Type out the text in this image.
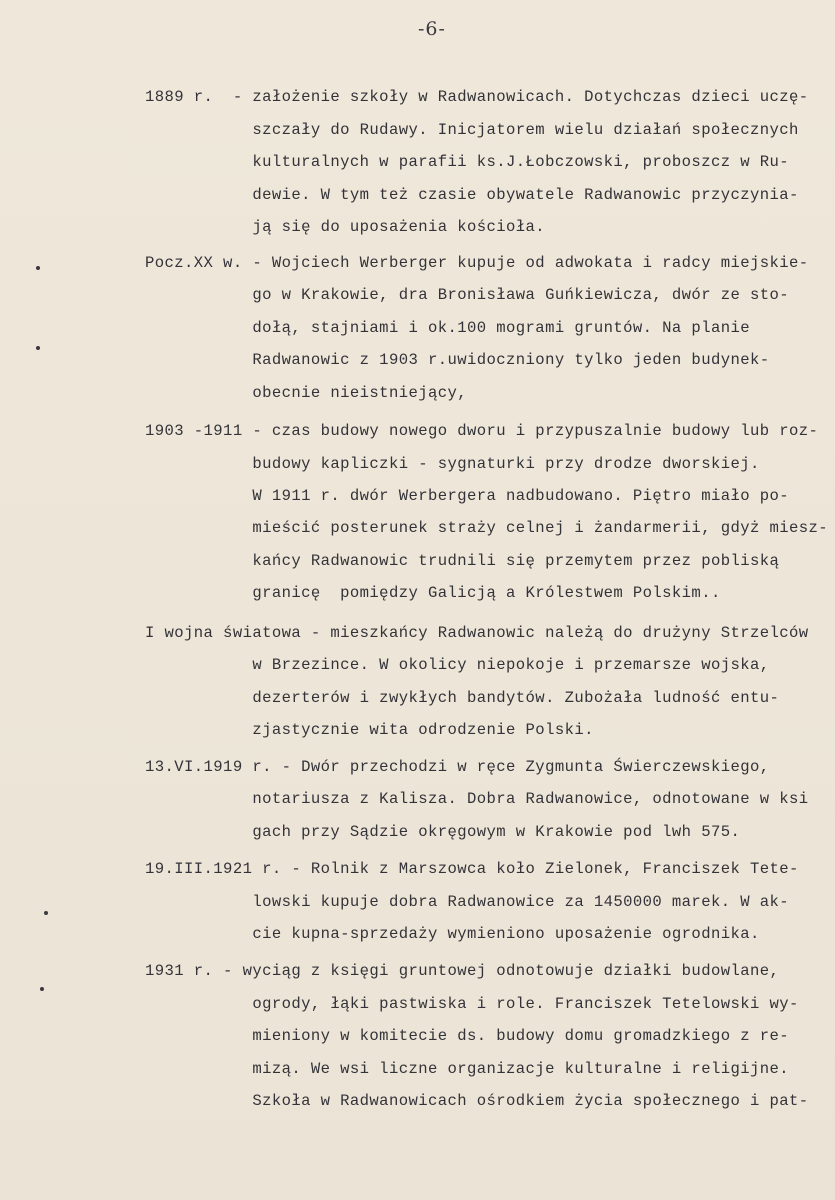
-6-
1889 r.  - założenie szkoły w Radwanowicach. Dotychczas dzieci uczę-
szczały do Rudawy. Inicjatorem wielu działań społecznych
kulturalnych w parafii ks.J.Łobczowski, proboszcz w Ru-
dewie. W tym też czasie obywatele Radwanowic przyczynia-
ją się do uposażenia kościoła.
Pocz.XX w. - Wojciech Werberger kupuje od adwokata i radcy miejskie-
go w Krakowie, dra Bronisława Guńkiewicza, dwór ze sto-
dołą, stajniami i ok.100 mogrami gruntów. Na planie
Radwanowic z 1903 r.uwidoczniony tylko jeden budynek-
obecnie nieistniejący,
1903 -1911 - czas budowy nowego dworu i przypuszalnie budowy lub roz-
budowy kapliczki - sygnaturki przy drodze dworskiej.
W 1911 r. dwór Werbergera nadbudowano. Piętro miało po-
mieścić posterunek straży celnej i żandarmerii, gdyż miesz-
kańcy Radwanowic trudnili się przemytem przez pobliską
granicę  pomiędzy Galicją a Królestwem Polskim..
I wojna światowa - mieszkańcy Radwanowic należą do drużyny Strzelców
w Brzezince. W okolicy niepokoje i przemarsze wojska,
dezerterów i zwykłych bandytów. Zubożała ludność entu-
zjastycznie wita odrodzenie Polski.
13.VI.1919 r. - Dwór przechodzi w ręce Zygmunta Świerczewskiego,
notariusza z Kalisza. Dobra Radwanowice, odnotowane w ksi
gach przy Sądzie okręgowym w Krakowie pod lwh 575.
19.III.1921 r. - Rolnik z Marszowca koło Zielonek, Franciszek Tete-
lowski kupuje dobra Radwanowice za 1450000 marek. W ak-
cie kupna-sprzedaży wymieniono uposażenie ogrodnika.
1931 r. - wyciąg z księgi gruntowej odnotowuje działki budowlane,
ogrody, łąki pastwiska i role. Franciszek Tetelowski wy-
mieniony w komitecie ds. budowy domu gromadzkiego z re-
mizą. We wsi liczne organizacje kulturalne i religijne.
Szkoła w Radwanowicach ośrodkiem życia społecznego i pat-
